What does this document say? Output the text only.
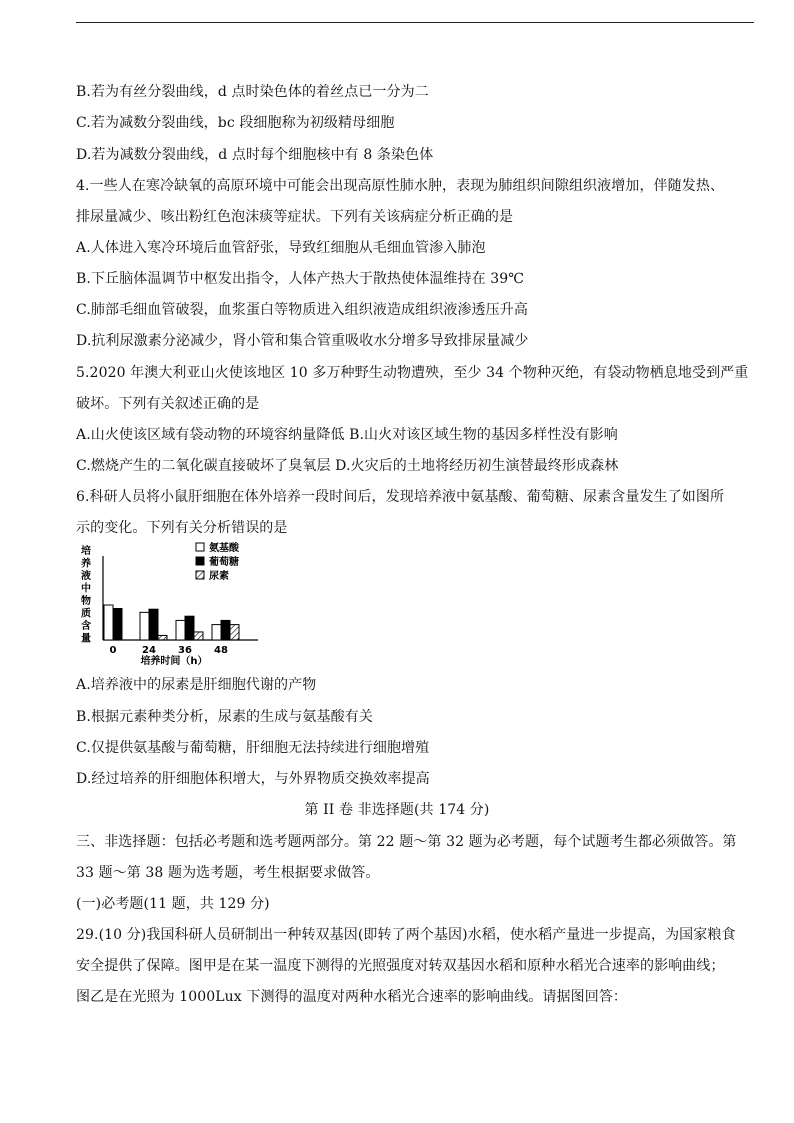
B.若为有丝分裂曲线，d 点时染色体的着丝点已一分为二
C.若为减数分裂曲线，bc 段细胞称为初级精母细胞
D.若为减数分裂曲线，d 点时每个细胞核中有 8 条染色体
4.一些人在寒冷缺氧的高原环境中可能会出现高原性肺水肿，表现为肺组织间隙组织液增加，伴随发热、
排尿量减少、咳出粉红色泡沫痰等症状。下列有关该病症分析正确的是
A.人体进入寒冷环境后血管舒张，导致红细胞从毛细血管渗入肺泡
B.下丘脑体温调节中枢发出指令，人体产热大于散热使体温维持在 39℃
C.肺部毛细血管破裂，血浆蛋白等物质进入组织液造成组织液渗透压升高
D.抗利尿激素分泌减少，肾小管和集合管重吸收水分增多导致排尿量减少
5.2020 年澳大利亚山火使该地区 10 多万种野生动物遭殃，至少 34 个物种灭绝，有袋动物栖息地受到严重
破坏。下列有关叙述正确的是
A.山火使该区域有袋动物的环境容纳量降低 B.山火对该区域生物的基因多样性没有影响
C.燃烧产生的二氧化碳直接破坏了臭氧层 D.火灾后的土地将经历初生演替最终形成森林
6.科研人员将小鼠肝细胞在体外培养一段时间后，发现培养液中氨基酸、葡萄糖、尿素含量发生了如图所
示的变化。下列有关分析错误的是
培
养
液
中
物
质
含
量
0	24 36 48
培养时间（h）
氨基酸
葡萄糖
尿素
A.培养液中的尿素是肝细胞代谢的产物
B.根据元素种类分析，尿素的生成与氨基酸有关
C.仅提供氨基酸与葡萄糖，肝细胞无法持续进行细胞增殖
D.经过培养的肝细胞体积增大，与外界物质交换效率提高
第 II 卷 非选择题(共 174 分)
三、非选择题：包括必考题和选考题两部分。第 22 题～第 32 题为必考题，每个试题考生都必须做答。第
33 题～第 38 题为选考题，考生根据要求做答。
(一)必考题(11 题，共 129 分)
29.(10 分)我国科研人员研制出一种转双基因(即转了两个基因)水稻，使水稻产量进一步提高，为国家粮食
安全提供了保障。图甲是在某一温度下测得的光照强度对转双基因水稻和原种水稻光合速率的影响曲线；
图乙是在光照为 1000Lux 下测得的温度对两种水稻光合速率的影响曲线。请据图回答：
